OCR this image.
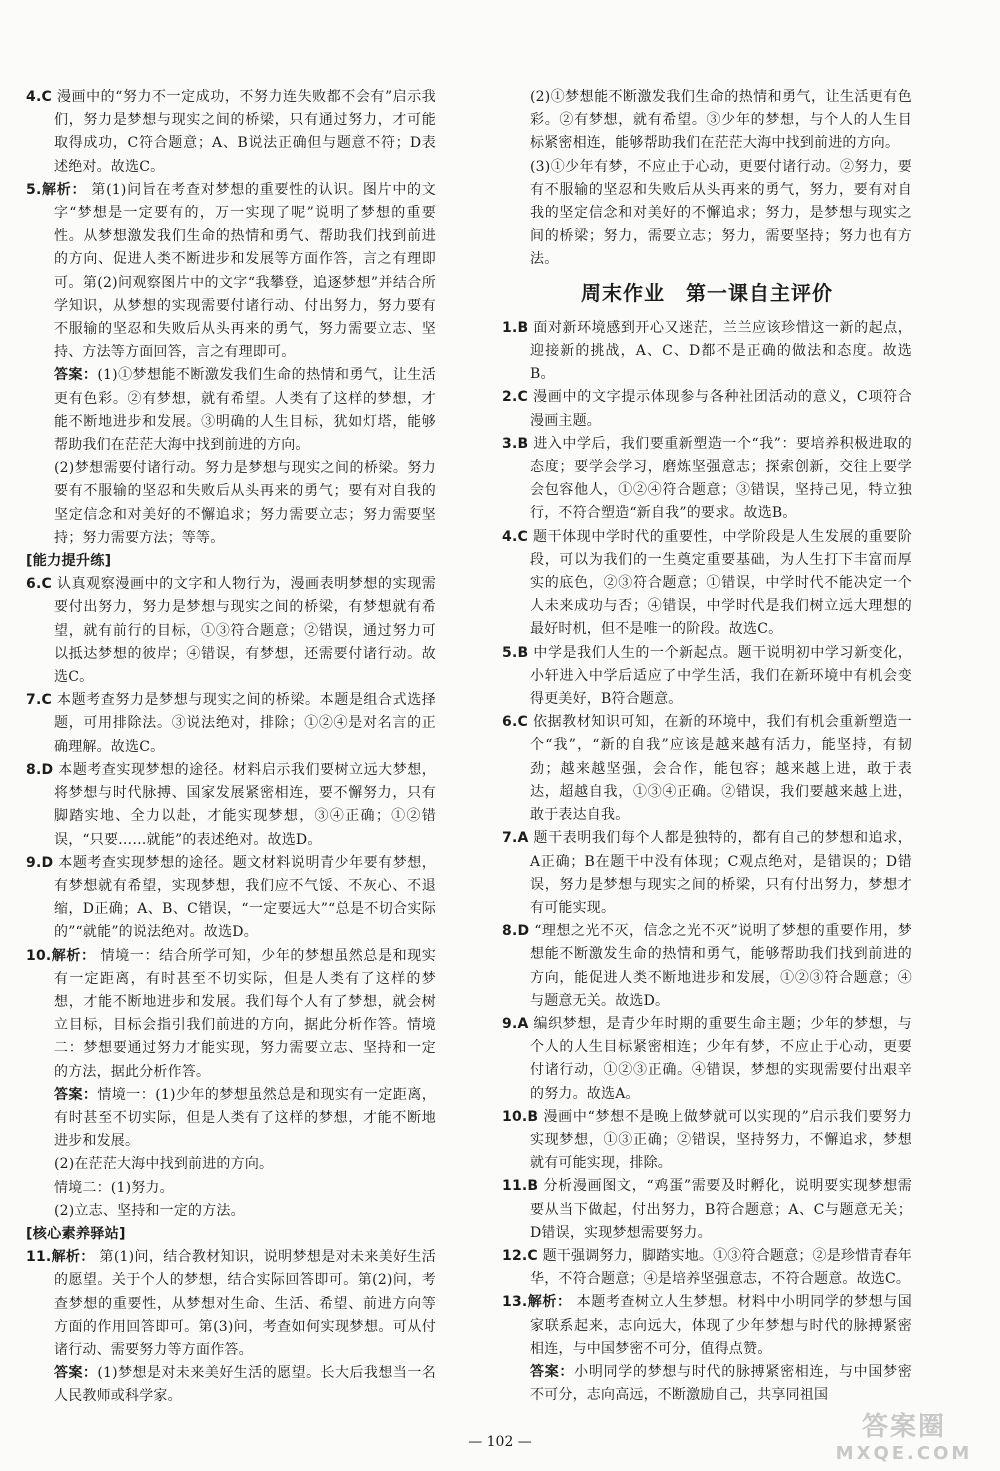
4.C 漫画中的“努力不一定成功，不努力连失败都不会有”启示我们，努力是梦想与现实之间的桥梁，只有通过努力，才可能取得成功，C符合题意；A、B说法正确但与题意不符；D表述绝对。故选C。

5.解析： 第(1)问旨在考查对梦想的重要性的认识。图片中的文字“梦想是一定要有的，万一实现了呢”说明了梦想的重要性。从梦想激发我们生命的热情和勇气、帮助我们找到前进的方向、促进人类不断进步和发展等方面作答，言之有理即可。第(2)问观察图片中的文字“我攀登，追逐梦想”并结合所学知识，从梦想的实现需要付诸行动、付出努力，努力要有不服输的坚忍和失败后从头再来的勇气，努力需要立志、坚持、方法等方面回答，言之有理即可。

答案：(1)①梦想能不断激发我们生命的热情和勇气，让生活更有色彩。②有梦想，就有希望。人类有了这样的梦想，才能不断地进步和发展。③明确的人生目标，犹如灯塔，能够帮助我们在茫茫大海中找到前进的方向。

(2)梦想需要付诸行动。努力是梦想与现实之间的桥梁。努力要有不服输的坚忍和失败后从头再来的勇气；要有对自我的坚定信念和对美好的不懈追求；努力需要立志；努力需要坚持；努力需要方法；等等。

[能力提升练]

6.C 认真观察漫画中的文字和人物行为，漫画表明梦想的实现需要付出努力，努力是梦想与现实之间的桥梁，有梦想就有希望，就有前行的目标，①③符合题意；②错误，通过努力可以抵达梦想的彼岸；④错误，有梦想，还需要付诸行动。故选C。

7.C 本题考查努力是梦想与现实之间的桥梁。本题是组合式选择题，可用排除法。③说法绝对，排除；①②④是对名言的正确理解。故选C。

8.D 本题考查实现梦想的途径。材料启示我们要树立远大梦想，将梦想与时代脉搏、国家发展紧密相连，要不懈努力，只有脚踏实地、全力以赴，才能实现梦想，③④正确；①②错误，“只要……就能”的表述绝对。故选D。

9.D 本题考查实现梦想的途径。题文材料说明青少年要有梦想，有梦想就有希望，实现梦想，我们应不气馁、不灰心、不退缩，D正确；A、B、C错误，“一定要远大”“总是不切合实际的”“就能”的说法绝对。故选D。

10.解析： 情境一：结合所学可知，少年的梦想虽然总是和现实有一定距离，有时甚至不切实际，但是人类有了这样的梦想，才能不断地进步和发展。我们每个人有了梦想，就会树立目标，目标会指引我们前进的方向，据此分析作答。情境二：梦想要通过努力才能实现，努力需要立志、坚持和一定的方法，据此分析作答。

答案：情境一：(1)少年的梦想虽然总是和现实有一定距离，有时甚至不切实际，但是人类有了这样的梦想，才能不断地进步和发展。

(2)在茫茫大海中找到前进的方向。

情境二：(1)努力。

(2)立志、坚持和一定的方法。

[核心素养驿站]

11.解析： 第(1)问，结合教材知识，说明梦想是对未来美好生活的愿望。关于个人的梦想，结合实际回答即可。第(2)问，考查梦想的重要性，从梦想对生命、生活、希望、前进方向等方面的作用回答即可。第(3)问，考查如何实现梦想。可从付诸行动、需要努力等方面作答。

答案：(1)梦想是对未来美好生活的愿望。长大后我想当一名人民教师或科学家。

(2)①梦想能不断激发我们生命的热情和勇气，让生活更有色彩。②有梦想，就有希望。③少年的梦想，与个人的人生目标紧密相连，能够帮助我们在茫茫大海中找到前进的方向。

(3)①少年有梦，不应止于心动，更要付诸行动。②努力，要有不服输的坚忍和失败后从头再来的勇气，努力，要有对自我的坚定信念和对美好的不懈追求；努力，是梦想与现实之间的桥梁；努力，需要立志；努力，需要坚持；努力也有方法。

周末作业　第一课自主评价

1.B 面对新环境感到开心又迷茫，兰兰应该珍惜这一新的起点，迎接新的挑战，A、C、D都不是正确的做法和态度。故选B。

2.C 漫画中的文字提示体现参与各种社团活动的意义，C项符合漫画主题。

3.B 进入中学后，我们要重新塑造一个“我”：要培养积极进取的态度；要学会学习，磨炼坚强意志；探索创新，交往上要学会包容他人，①②④符合题意；③错误，坚持己见，特立独行，不符合塑造“新自我”的要求。故选B。

4.C 题干体现中学时代的重要性，中学阶段是人生发展的重要阶段，可以为我们的一生奠定重要基础，为人生打下丰富而厚实的底色，②③符合题意；①错误，中学时代不能决定一个人未来成功与否；④错误，中学时代是我们树立远大理想的最好时机，但不是唯一的阶段。故选C。

5.B 中学是我们人生的一个新起点。题干说明初中学习新变化，小轩进入中学后适应了中学生活，我们在新环境中有机会变得更美好，B符合题意。

6.C 依据教材知识可知，在新的环境中，我们有机会重新塑造一个“我”，“新的自我”应该是越来越有活力，能坚持，有韧劲；越来越坚强，会合作，能包容；越来越上进，敢于表达，超越自我，①③④正确。②错误，我们要越来越上进，敢于表达自我。

7.A 题干表明我们每个人都是独特的，都有自己的梦想和追求，A正确；B在题干中没有体现；C观点绝对，是错误的；D错误，努力是梦想与现实之间的桥梁，只有付出努力，梦想才有可能实现。

8.D “理想之光不灭，信念之光不灭”说明了梦想的重要作用，梦想能不断激发生命的热情和勇气，能够帮助我们找到前进的方向，能促进人类不断地进步和发展，①②③符合题意；④与题意无关。故选D。

9.A 编织梦想，是青少年时期的重要生命主题；少年的梦想，与个人的人生目标紧密相连；少年有梦，不应止于心动，更要付诸行动，①②③正确。④错误，梦想的实现需要付出艰辛的努力。故选A。

10.B 漫画中“梦想不是晚上做梦就可以实现的”启示我们要努力实现梦想，①③正确；②错误，坚持努力，不懈追求，梦想就有可能实现，排除。

11.B 分析漫画图文，“鸡蛋”需要及时孵化，说明要实现梦想需要从当下做起，付出努力，B符合题意；A、C与题意无关；D错误，实现梦想需要努力。

12.C 题干强调努力，脚踏实地。①③符合题意；②是珍惜青春年华，不符合题意；④是培养坚强意志，不符合题意。故选C。

13.解析： 本题考查树立人生梦想。材料中小明同学的梦想与国家联系起来，志向远大，体现了少年梦想与时代的脉搏紧密相连，与中国梦密不可分，值得点赞。

答案：小明同学的梦想与时代的脉搏紧密相连，与中国梦密不可分，志向高远，不断激励自己，共享同祖国

— 102 —	答案圈
MXQE.COM
